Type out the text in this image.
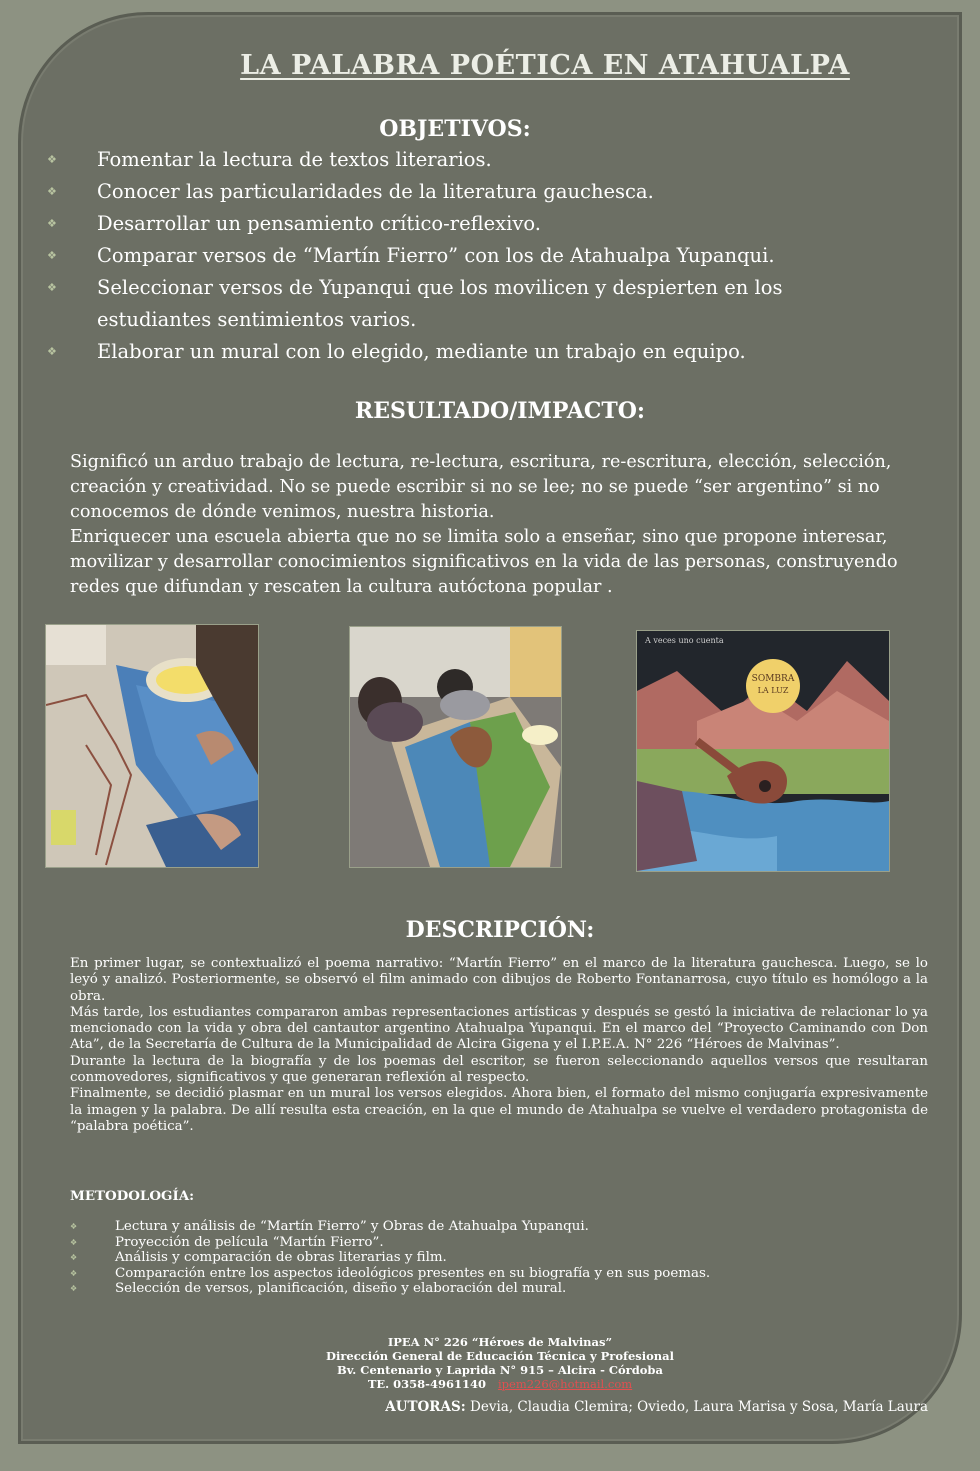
LA PALABRA POÉTICA EN ATAHUALPA
OBJETIVOS:
❖ Fomentar la lectura de textos literarios.
❖ Conocer las particularidades de la literatura gauchesca.
❖ Desarrollar un pensamiento crítico-reflexivo.
❖ Comparar versos de “Martín Fierro” con los de Atahualpa Yupanqui.
❖ Seleccionar versos de Yupanqui que los movilicen y despierten en los estudiantes sentimientos varios.
❖ Elaborar un mural con lo elegido, mediante un trabajo en equipo.
RESULTADO/IMPACTO:
Significó un arduo trabajo de lectura, re-lectura, escritura, re-escritura, elección, selección, creación y creatividad. No se puede escribir si no se lee; no se puede “ser argentino” si no conocemos de dónde venimos, nuestra historia.
Enriquecer una escuela abierta que no se limita solo a enseñar, sino que propone interesar, movilizar y desarrollar conocimientos significativos en la vida de las personas, construyendo redes que difundan y rescaten la cultura autóctona popular .
SOMBRA
LA LUZ
A veces uno cuenta
DESCRIPCIÓN:

En primer lugar, se contextualizó el poema narrativo: “Martín Fierro” en el marco de la literatura gauchesca. Luego, se lo leyó y analizó. Posteriormente, se observó el film animado con dibujos de Roberto Fontanarrosa, cuyo título es homólogo a la obra.

Más tarde, los estudiantes compararon ambas representaciones artísticas y después se gestó la iniciativa de relacionar lo ya mencionado con la vida y obra del cantautor argentino Atahualpa Yupanqui. En el marco del “Proyecto Caminando con Don Ata”, de la Secretaría de Cultura de la Municipalidad de Alcira Gigena y el I.P.E.A. N° 226 “Héroes de Malvinas”.

Durante la lectura de la biografía y de los poemas del escritor, se fueron seleccionando aquellos versos que resultaran conmovedores, significativos y que generaran reflexión al respecto.

Finalmente, se decidió plasmar en un mural los versos elegidos. Ahora bien, el formato del mismo conjugaría expresivamente la imagen y la palabra. De allí resulta esta creación, en la que el mundo de Atahualpa se vuelve el verdadero protagonista de “palabra poética”.

METODOLOGÍA:
❖	Lectura y análisis de “Martín Fierro” y Obras de Atahualpa Yupanqui.
❖	Proyección de película “Martín Fierro”.
❖	Análisis y comparación de obras literarias y film.
❖	Comparación entre los aspectos ideológicos presentes en su biografía y en sus poemas.
❖	Selección de versos, planificación, diseño y elaboración del mural.
IPEA N° 226 “Héroes de Malvinas”
Dirección General de Educación Técnica y Profesional
Bv. Centenario y Laprida N° 915 – Alcira - Córdoba
TE. 0358-4961140 ipem226@hotmail.com
AUTORAS: Devia, Claudia Clemira; Oviedo, Laura Marisa y Sosa, María Laura
